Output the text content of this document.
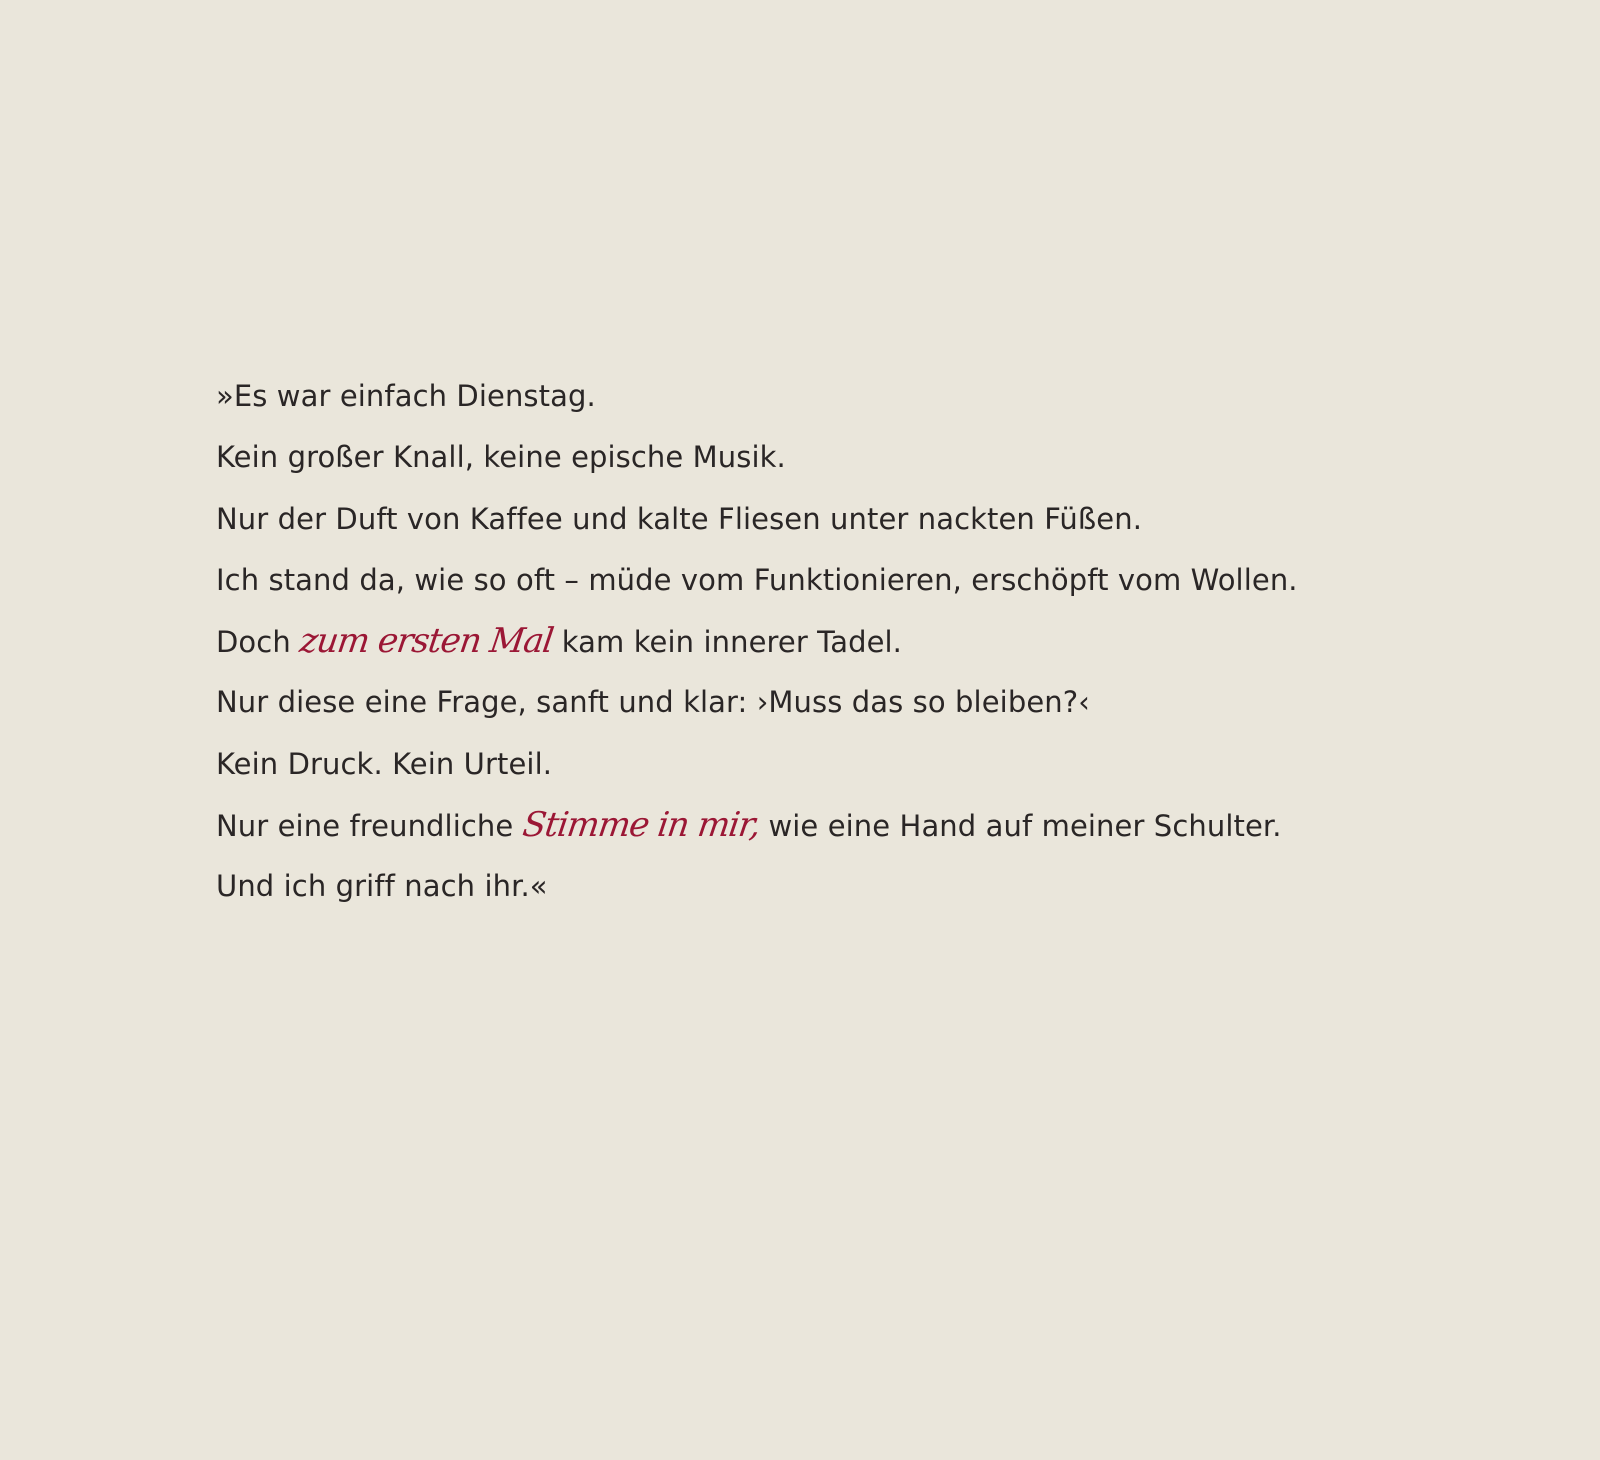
»Es war einfach Dienstag.
Kein großer Knall, keine epische Musik.
Nur der Duft von Kaffee und kalte Fliesen unter nackten Füßen.
Ich stand da, wie so oft – müde vom Funktionieren, erschöpft vom Wollen.
Doch zum ersten Mal kam kein innerer Tadel.
Nur diese eine Frage, sanft und klar: ›Muss das so bleiben?‹
Kein Druck. Kein Urteil.
Nur eine freundliche Stimme in mir, wie eine Hand auf meiner Schulter.
Und ich griff nach ihr.«
